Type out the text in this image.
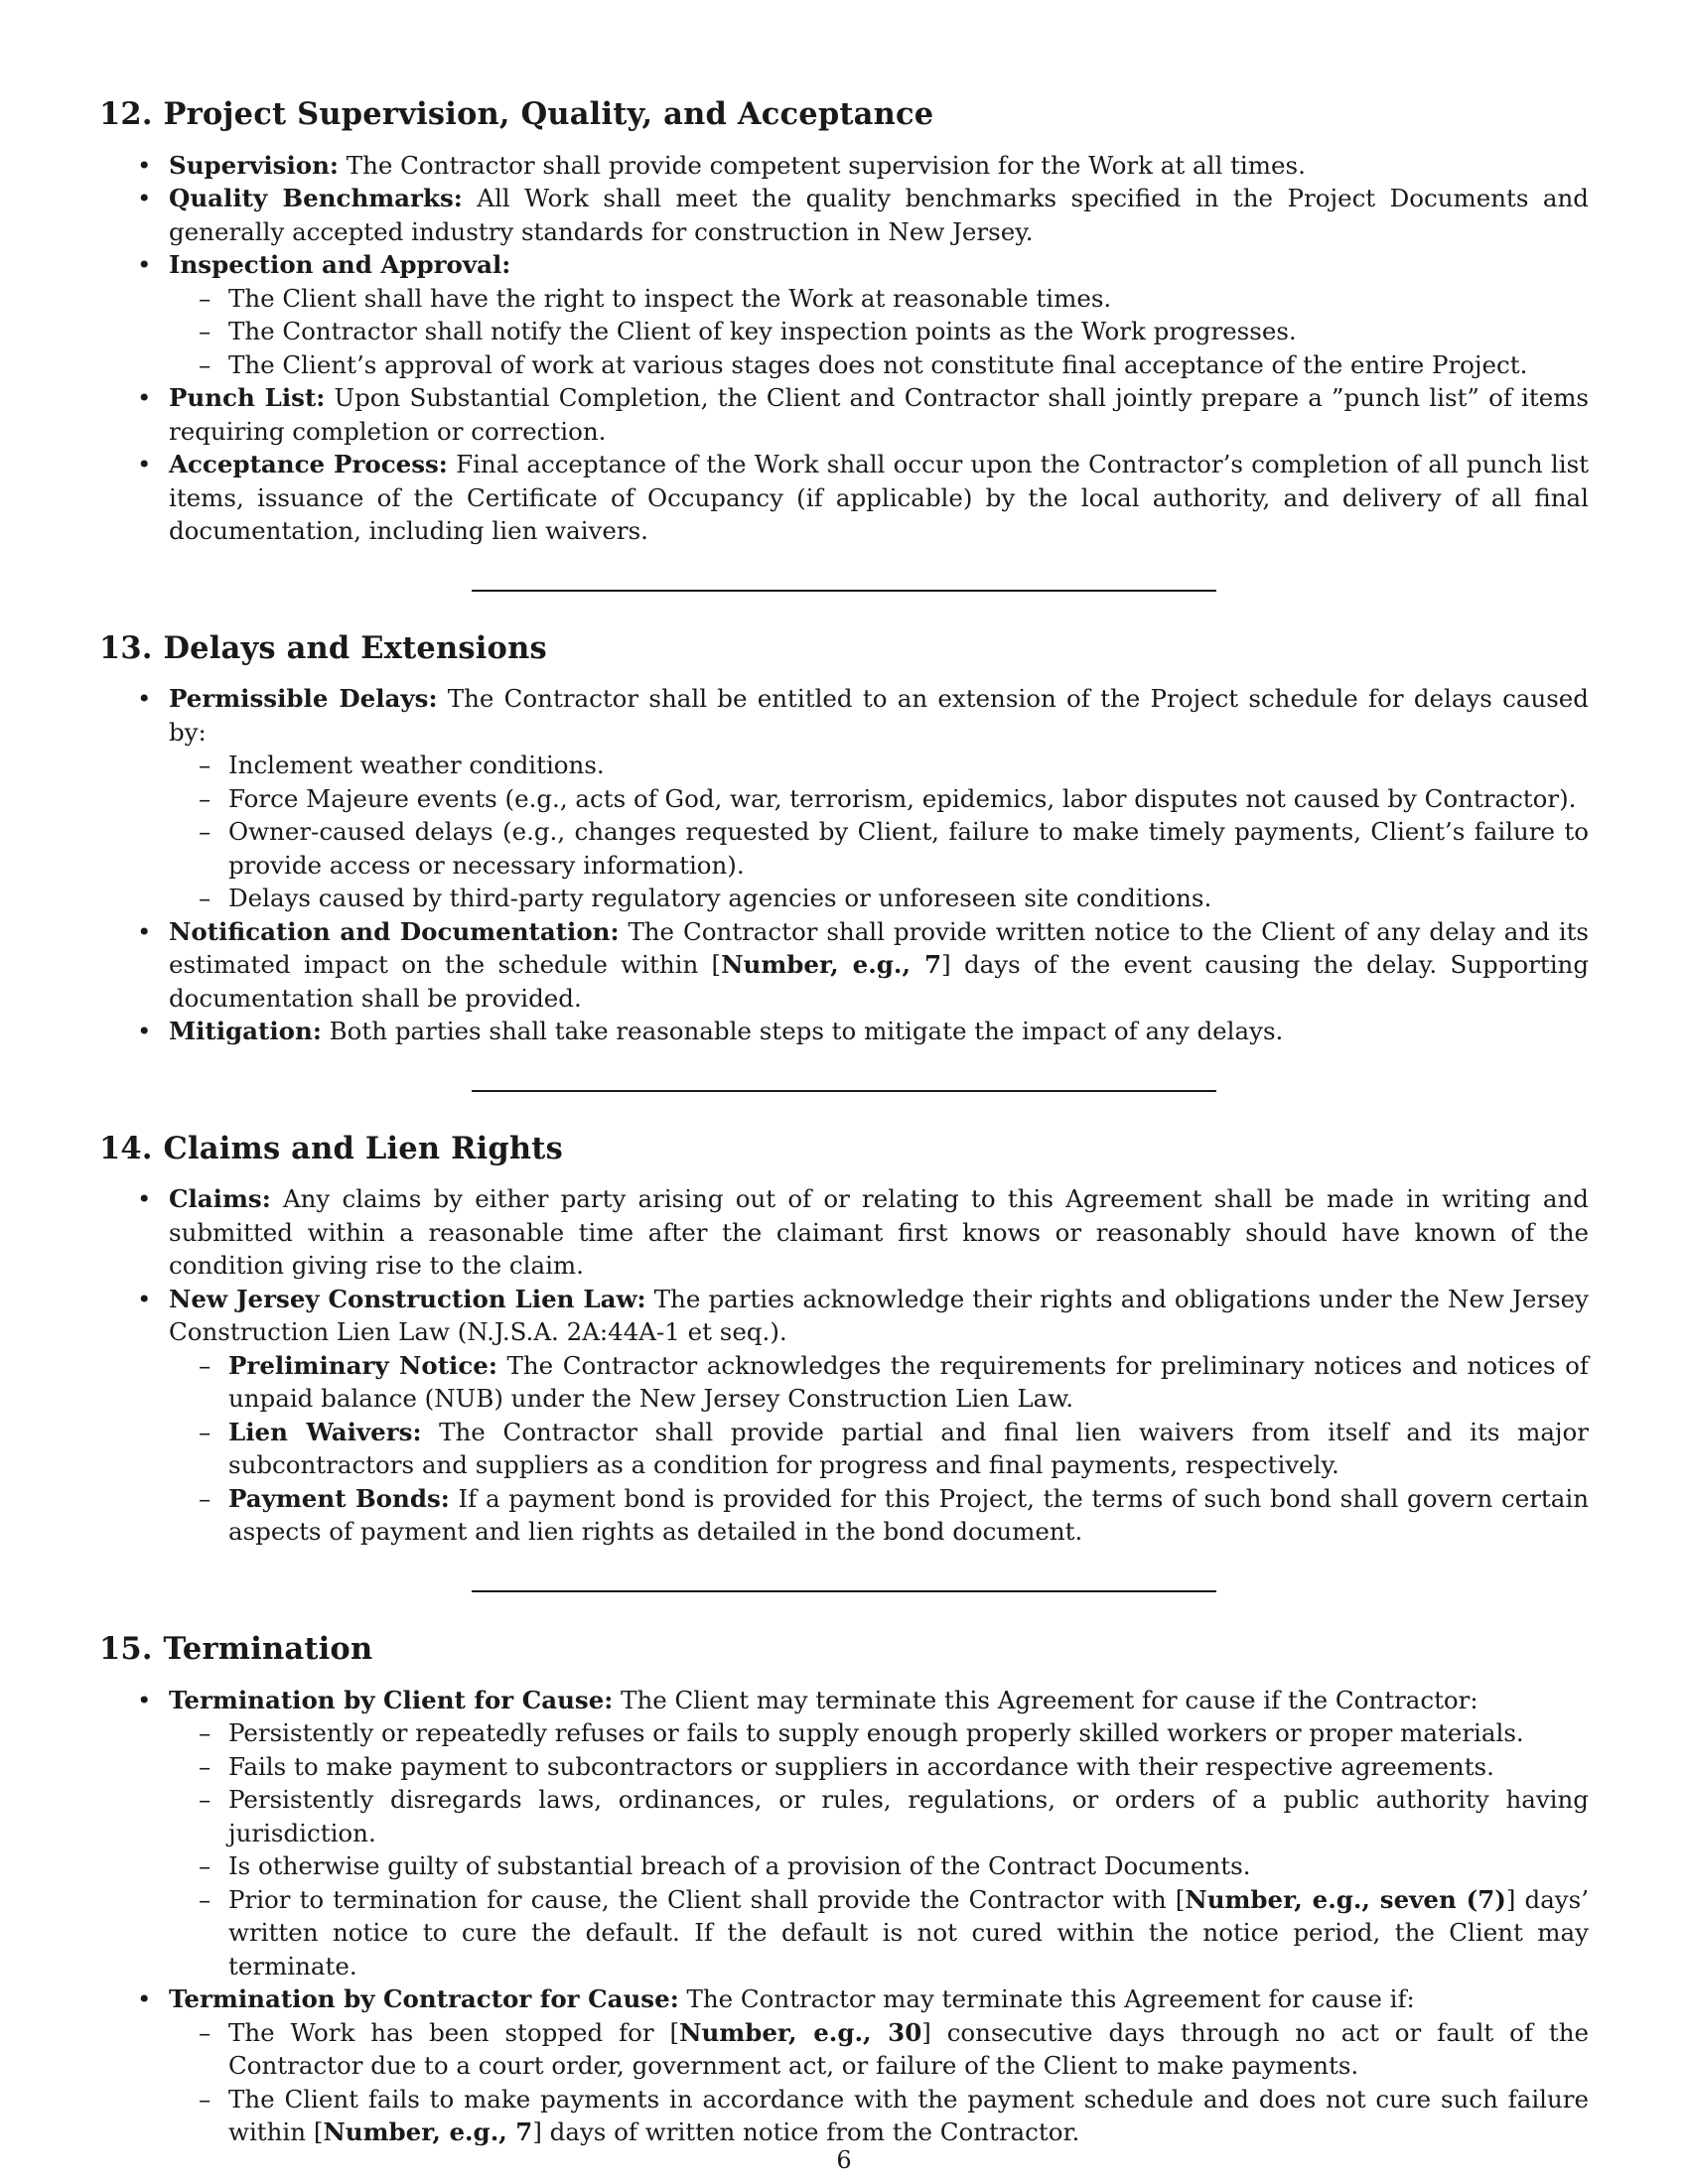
12. Project Supervision, Quality, and Acceptance
• Supervision: The Contractor shall provide competent supervision for the Work at all times.
• Quality Benchmarks: All Work shall meet the quality benchmarks specified in the Project Documents and generally accepted industry standards for construction in New Jersey.
• Inspection and Approval:
– The Client shall have the right to inspect the Work at reasonable times.
– The Contractor shall notify the Client of key inspection points as the Work progresses.
– The Client’s approval of work at various stages does not constitute final acceptance of the entire Project.
• Punch List: Upon Substantial Completion, the Client and Contractor shall jointly prepare a ”punch list” of items requiring completion or correction.
• Acceptance Process: Final acceptance of the Work shall occur upon the Contractor’s completion of all punch list items, issuance of the Certificate of Occupancy (if applicable) by the local authority, and delivery of all final documentation, including lien waivers.
13. Delays and Extensions
• Permissible Delays: The Contractor shall be entitled to an extension of the Project schedule for delays caused by:
– Inclement weather conditions.
– Force Majeure events (e.g., acts of God, war, terrorism, epidemics, labor disputes not caused by Contractor).
– Owner-caused delays (e.g., changes requested by Client, failure to make timely payments, Client’s failure to provide access or necessary information).
– Delays caused by third-party regulatory agencies or unforeseen site conditions.
• Notification and Documentation: The Contractor shall provide written notice to the Client of any delay and its estimated impact on the schedule within [Number, e.g., 7] days of the event causing the delay. Supporting documentation shall be provided.
• Mitigation: Both parties shall take reasonable steps to mitigate the impact of any delays.
14. Claims and Lien Rights
• Claims: Any claims by either party arising out of or relating to this Agreement shall be made in writing and submitted within a reasonable time after the claimant first knows or reasonably should have known of the condition giving rise to the claim.
• New Jersey Construction Lien Law: The parties acknowledge their rights and obligations under the New Jersey Construction Lien Law (N.J.S.A. 2A:44A-1 et seq.).
– Preliminary Notice: The Contractor acknowledges the requirements for preliminary notices and notices of unpaid balance (NUB) under the New Jersey Construction Lien Law.
– Lien Waivers: The Contractor shall provide partial and final lien waivers from itself and its major subcontractors and suppliers as a condition for progress and final payments, respectively.
– Payment Bonds: If a payment bond is provided for this Project, the terms of such bond shall govern certain aspects of payment and lien rights as detailed in the bond document.
15. Termination
• Termination by Client for Cause: The Client may terminate this Agreement for cause if the Contractor:
– Persistently or repeatedly refuses or fails to supply enough properly skilled workers or proper materials.
– Fails to make payment to subcontractors or suppliers in accordance with their respective agreements.
– Persistently disregards laws, ordinances, or rules, regulations, or orders of a public authority having jurisdiction.
– Is otherwise guilty of substantial breach of a provision of the Contract Documents.
– Prior to termination for cause, the Client shall provide the Contractor with [Number, e.g., seven (7)] days’ written notice to cure the default. If the default is not cured within the notice period, the Client may terminate.
• Termination by Contractor for Cause: The Contractor may terminate this Agreement for cause if:
– The Work has been stopped for [Number, e.g., 30] consecutive days through no act or fault of the Contractor due to a court order, government act, or failure of the Client to make payments.
– The Client fails to make payments in accordance with the payment schedule and does not cure such failure within [Number, e.g., 7] days of written notice from the Contractor.
6
